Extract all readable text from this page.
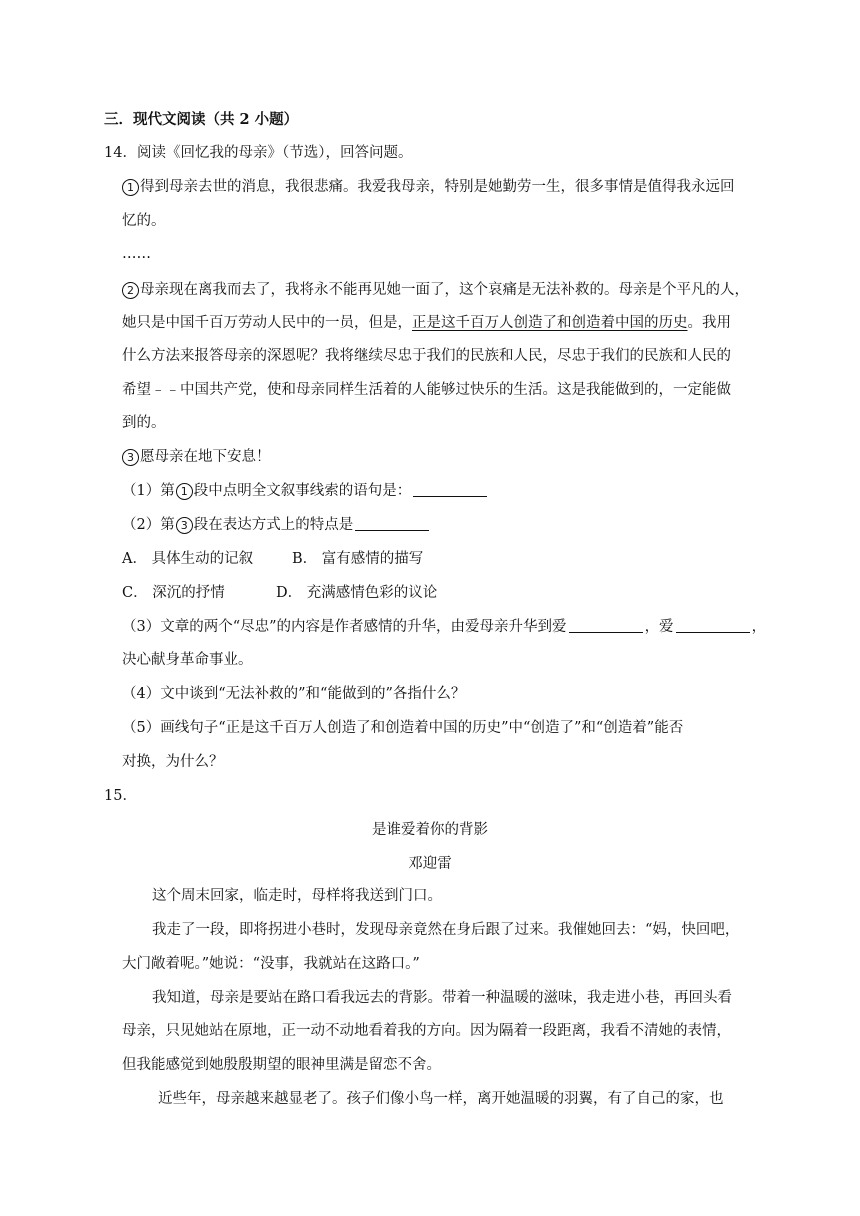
三．现代文阅读（共 2 小题）
14．阅读《回忆我的母亲》（节选），回答问题。
1 得到母亲去世的消息，我很悲痛。我爱我母亲，特别是她勤劳一生，很多事情是值得我永远回
忆的。
……
2 母亲现在离我而去了，我将永不能再见她一面了，这个哀痛是无法补救的。母亲是个平凡的人，
她只是中国千百万劳动人民中的一员，但是，正是这千百万人创造了和创造着中国的历史。我用
什么方法来报答母亲的深恩呢？我将继续尽忠于我们的民族和人民，尽忠于我们的民族和人民的
希望﹣﹣中国共产党，使和母亲同样生活着的人能够过快乐的生活。这是我能做到的，一定能做
到的。
3 愿母亲在地下安息！
（1）第 1 段中点明全文叙事线索的语句是：
（2）第 3 段在表达方式上的特点是
A． 具体生动的记叙	B． 富有感情的描写
C． 深沉的抒情	D． 充满感情色彩的议论
（3）文章的两个“尽忠”的内容是作者感情的升华，由爱母亲升华到爱	，爱	，
决心献身革命事业。
（4）文中谈到“无法补救的”和“能做到的”各指什么？
（5）画线句子“正是这千百万人创造了和创造着中国的历史”中“创造了”和“创造着”能否
对换，为什么？
15．
是谁爱着你的背影
邓迎雷
这个周末回家，临走时，母样将我送到门口。
我走了一段，即将拐进小巷时，发现母亲竟然在身后跟了过来。我催她回去：“妈，快回吧，
大门敞着呢。”她说：“没事，我就站在这路口。”
我知道，母亲是要站在路口看我远去的背影。带着一种温暖的滋味，我走进小巷，再回头看
母亲，只见她站在原地，正一动不动地看着我的方向。因为隔着一段距离，我看不清她的表情，
但我能感觉到她殷殷期望的眼神里满是留恋不舍。
近些年，母亲越来越显老了。孩子们像小鸟一样，离开她温暖的羽翼，有了自己的家，也
